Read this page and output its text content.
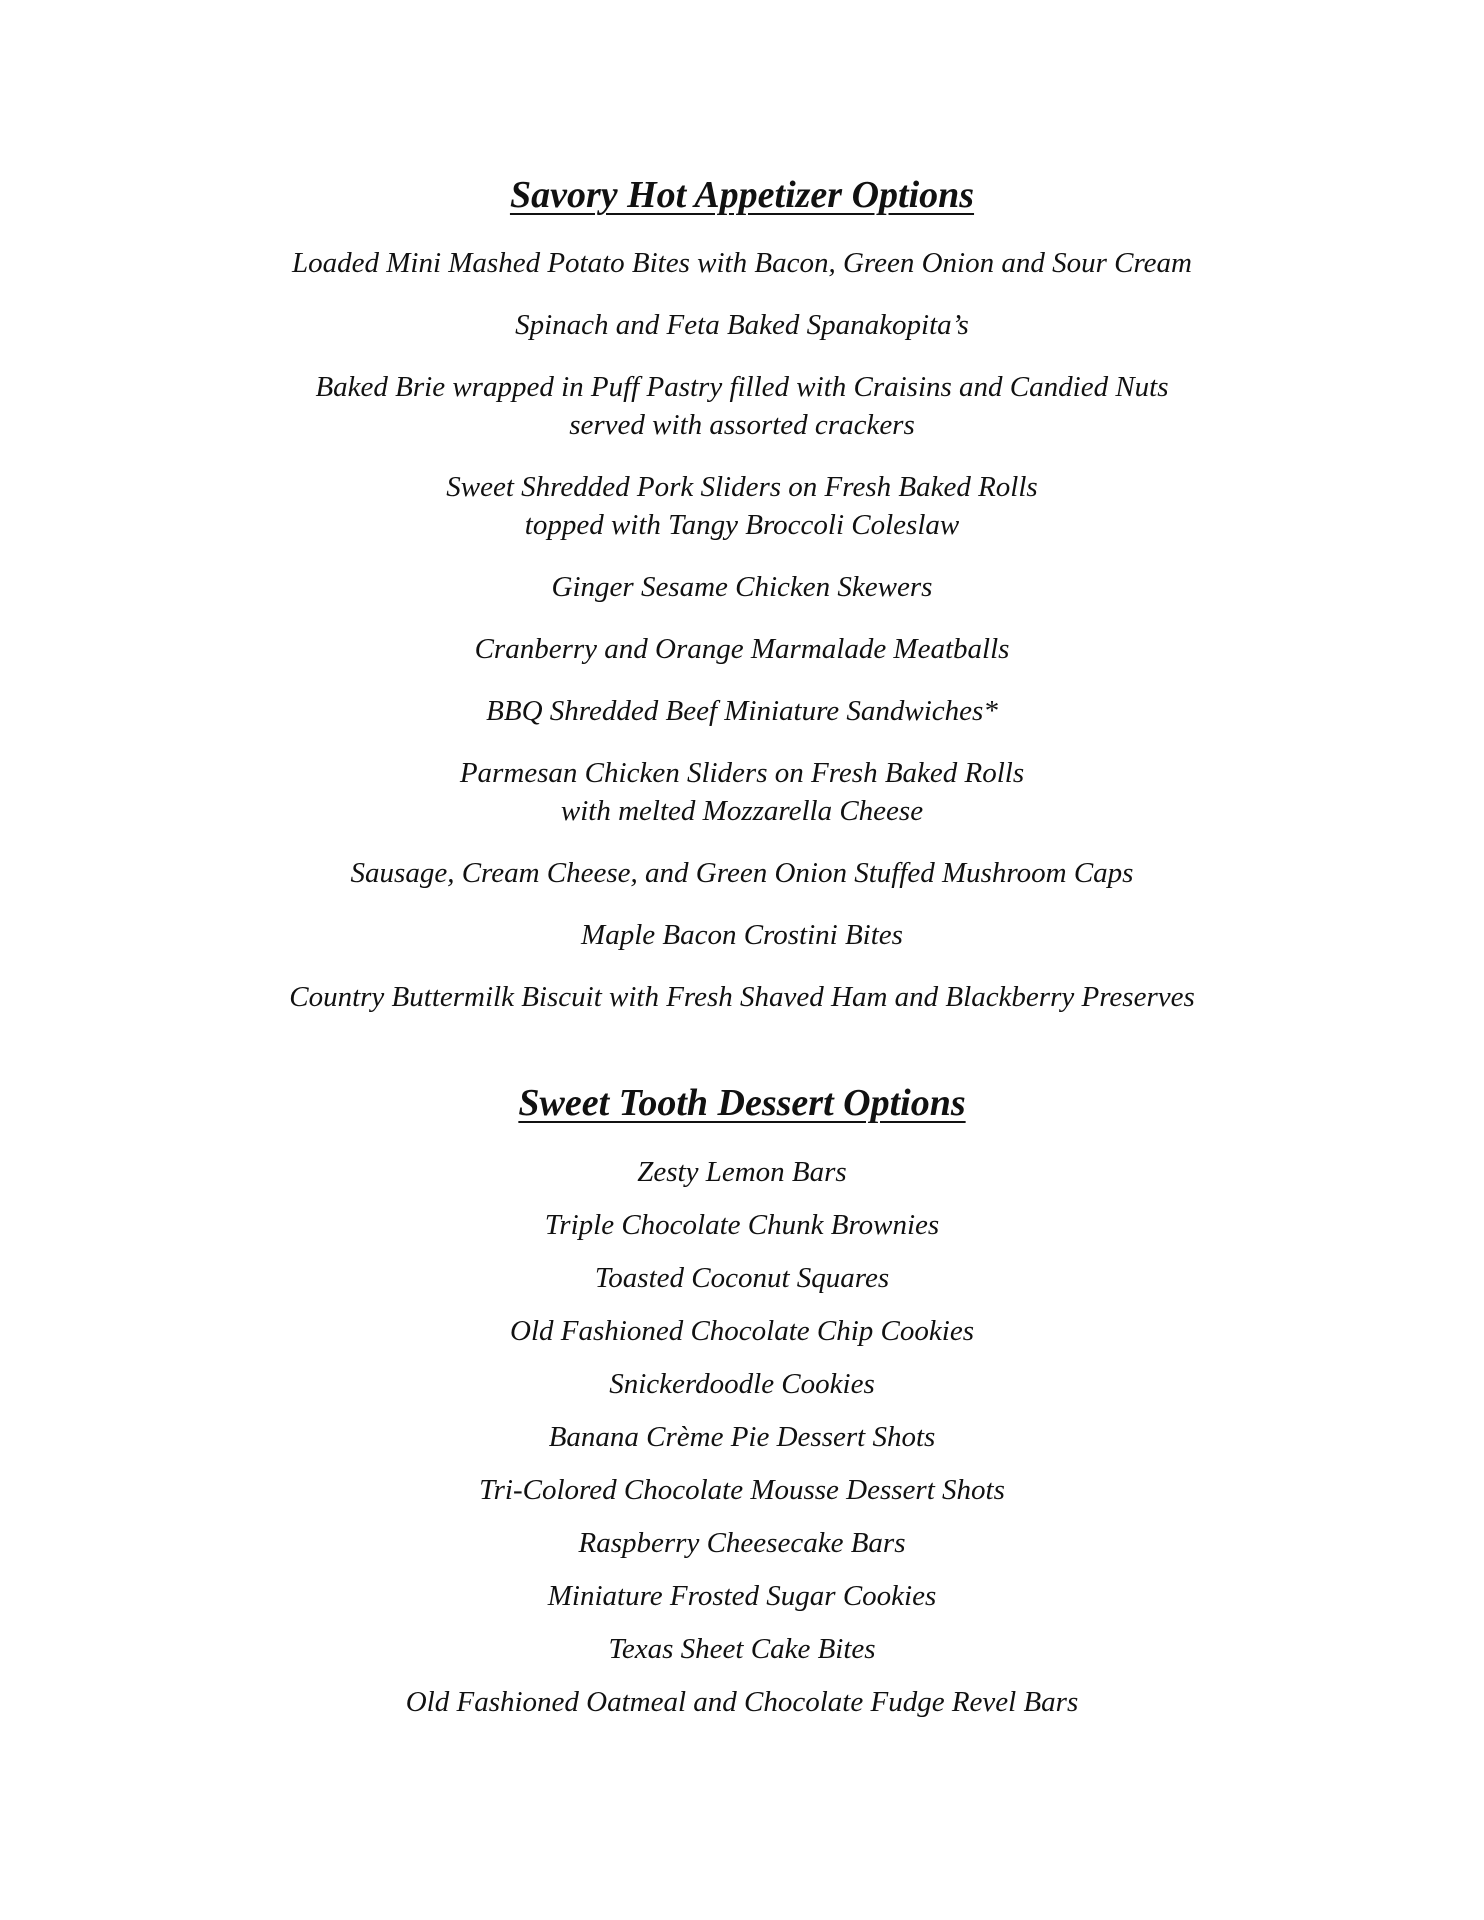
Savory Hot Appetizer Options
Loaded Mini Mashed Potato Bites with Bacon, Green Onion and Sour Cream
Spinach and Feta Baked Spanakopita’s
Baked Brie wrapped in Puff Pastry filled with Craisins and Candied Nuts
served with assorted crackers
Sweet Shredded Pork Sliders on Fresh Baked Rolls
topped with Tangy Broccoli Coleslaw
Ginger Sesame Chicken Skewers
Cranberry and Orange Marmalade Meatballs
BBQ Shredded Beef Miniature Sandwiches*
Parmesan Chicken Sliders on Fresh Baked Rolls
with melted Mozzarella Cheese
Sausage, Cream Cheese, and Green Onion Stuffed Mushroom Caps
Maple Bacon Crostini Bites
Country Buttermilk Biscuit with Fresh Shaved Ham and Blackberry Preserves
Sweet Tooth Dessert Options
Zesty Lemon Bars
Triple Chocolate Chunk Brownies
Toasted Coconut Squares
Old Fashioned Chocolate Chip Cookies
Snickerdoodle Cookies
Banana Crème Pie Dessert Shots
Tri-Colored Chocolate Mousse Dessert Shots
Raspberry Cheesecake Bars
Miniature Frosted Sugar Cookies
Texas Sheet Cake Bites
Old Fashioned Oatmeal and Chocolate Fudge Revel Bars
